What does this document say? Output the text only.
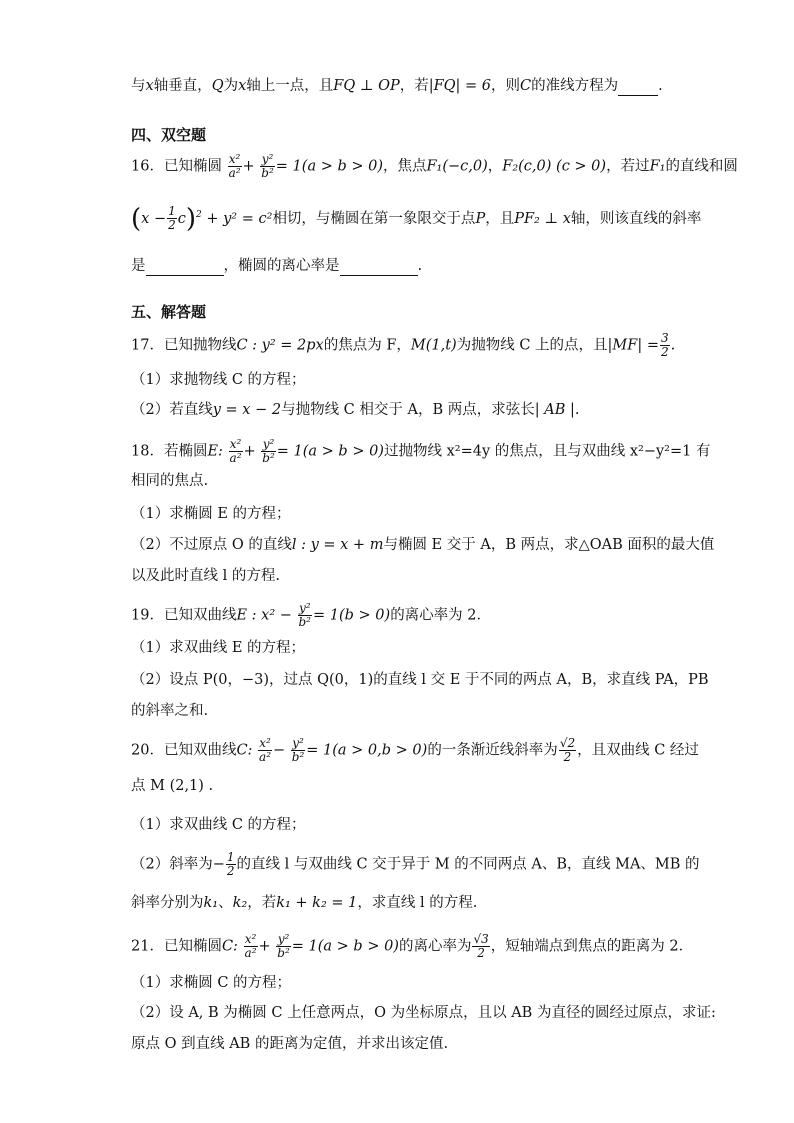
与x轴垂直，Q为x轴上一点，且FQ ⊥ OP，若|FQ| = 6，则C的准线方程为	.
四、双空题
16．已知椭圆 $\frac{\text{x²}}{\text{a²}} + \frac{\text{y²}}{\text{b²}} = 1(a > b > 0)$，焦点F₁(−c,0)，F₂(c,0) (c > 0)，若过F₁的直线和圆
$(x - \frac{1}{2} c)^2 + y^2 = c^2$相切，与椭圆在第一象限交于点P，且PF₂ ⊥ x轴，则该直线的斜率
是	，椭圆的离心率是	.
五、解答题
17．已知抛物线C : y² = 2px的焦点为 F，M(1,t)为抛物线 C 上的点，且$|MF| = \frac{3}{2}$ .
（1）求抛物线 C 的方程；
（2）若直线y = x − 2与抛物线 C 相交于 A，B 两点，求弦长| AB |.
18．若椭圆E: $\frac{\text{x²}}{\text{a²}} + \frac{\text{y²}}{\text{b²}} = 1(a > b > 0)$过抛物线 x²=4y 的焦点，且与双曲线 x²−y²=1 有
相同的焦点.
（1）求椭圆 E 的方程；
（2）不过原点 O 的直线l : y = x + m与椭圆 E 交于 A，B 两点，求△OAB 面积的最大值
以及此时直线 l 的方程.
19．已知双曲线E : $x^2 - \frac{\text{y²}}{\text{b²}} = 1(b > 0)$的离心率为 2．
（1）求双曲线 E 的方程；
（2）设点 P(0，−3)，过点 Q(0，1)的直线 l 交 E 于不同的两点 A，B，求直线 PA，PB
的斜率之和.
20．已知双曲线C: $\frac{\text{x²}}{\text{a²}} - \frac{\text{y²}}{\text{b²}} = 1(a > 0,b > 0)$的一条渐近线斜率为 $\frac{√2}{2}$ ，且双曲线 C 经过
点 M (2,1) .
（1）求双曲线 C 的方程；
（2）斜率为− $\frac{1}{2}$ 的直线 l 与双曲线 C 交于异于 M 的不同两点 A、B，直线 MA、MB 的
斜率分别为k₁、k₂，若k₁ + k₂ = 1，求直线 l 的方程.
21．已知椭圆C: $\frac{\text{x²}}{\text{a²}} + \frac{\text{y²}}{\text{b²}} = 1(a > b > 0)$的离心率为 $\frac{√3}{2}$ ，短轴端点到焦点的距离为 2．
（1）求椭圆 C 的方程；
（2）设 A, B 为椭圆 C 上任意两点，O 为坐标原点，且以 AB 为直径的圆经过原点，求证:
原点 O 到直线 AB 的距离为定值，并求出该定值.
